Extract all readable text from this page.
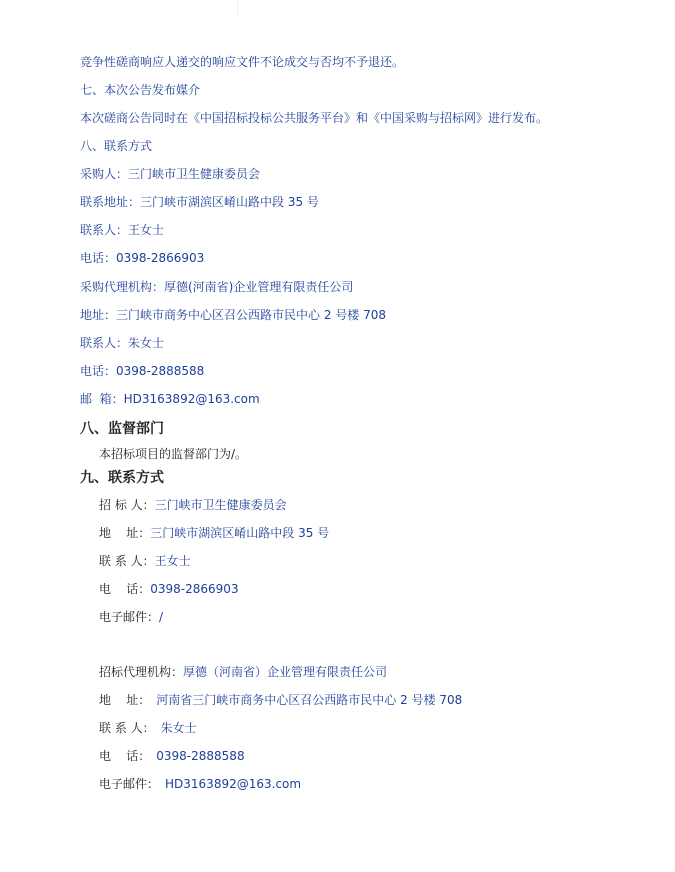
竞争性磋商响应人递交的响应文件不论成交与否均不予退还。
七、本次公告发布媒介
本次磋商公告同时在《中国招标投标公共服务平台》和《中国采购与招标网》进行发布。
八、联系方式
采购人：三门峡市卫生健康委员会
联系地址：三门峡市湖滨区崤山路中段 35 号
联系人：王女士
电话：0398-2866903
采购代理机构：厚德(河南省)企业管理有限责任公司
地址：三门峡市商务中心区召公西路市民中心 2 号楼 708
联系人：朱女士
电话：0398-2888588
邮  箱：HD3163892@163.com
八、监督部门
本招标项目的监督部门为/。
九、联系方式
招 标 人：三门峡市卫生健康委员会
地    址：三门峡市湖滨区崤山路中段 35 号
联 系 人：王女士
电    话：0398-2866903
电子邮件：/
招标代理机构：厚德（河南省）企业管理有限责任公司
地    址： 河南省三门峡市商务中心区召公西路市民中心 2 号楼 708
联 系 人： 朱女士
电    话： 0398-2888588
电子邮件： HD3163892@163.com
